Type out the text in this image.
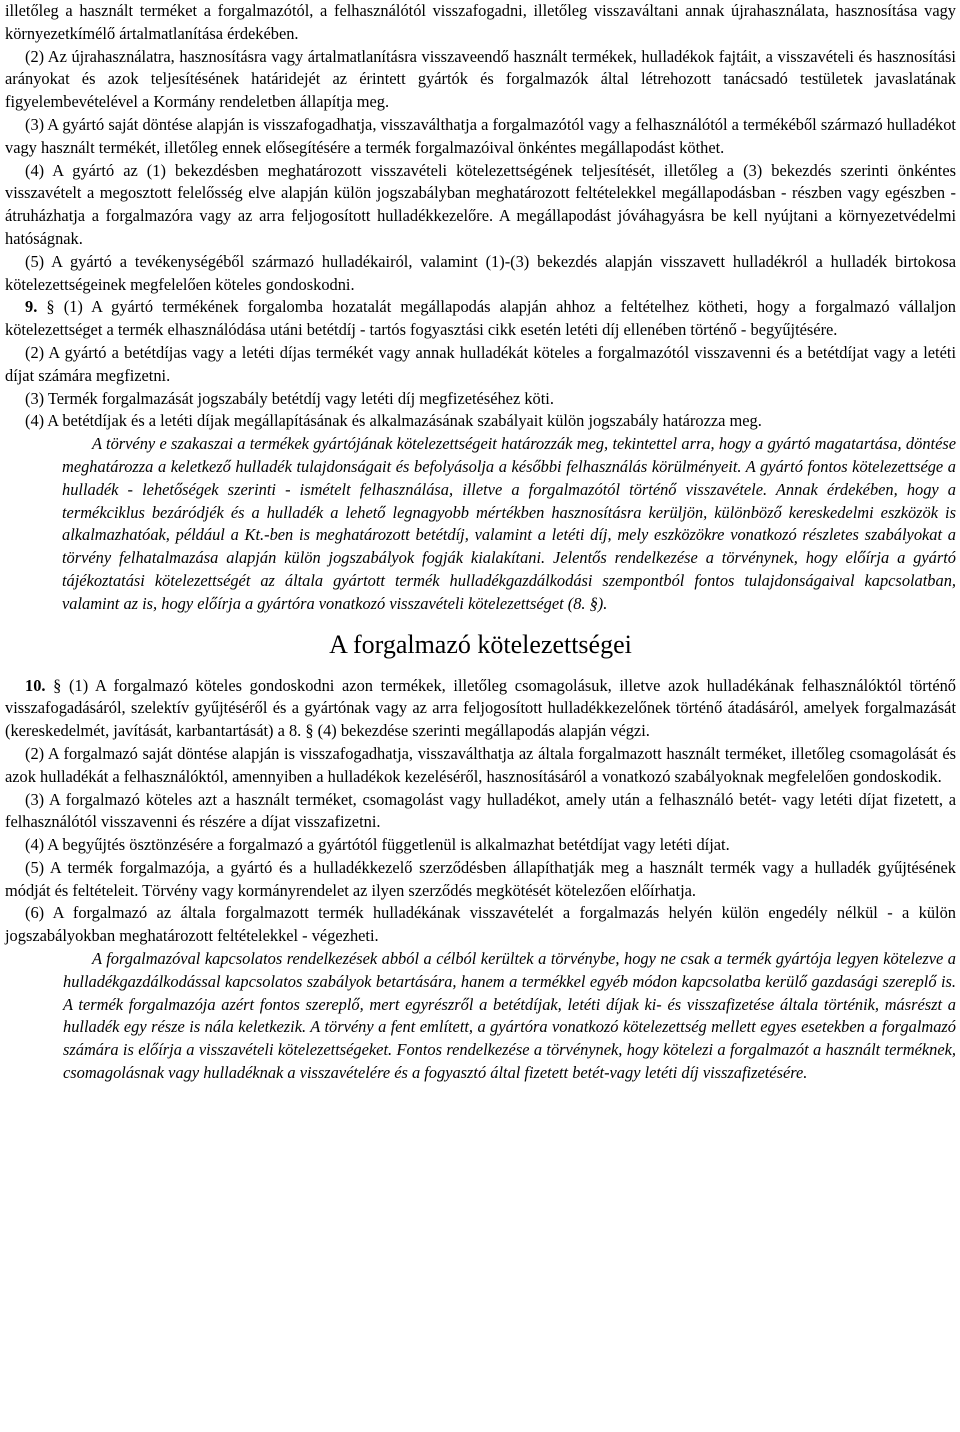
illetőleg a használt terméket a forgalmazótól, a felhasználótól visszafogadni, illetőleg visszaváltani annak újrahasználata, hasznosítása vagy környezetkímélő ártalmatlanítása érdekében.

(2) Az újrahasználatra, hasznosításra vagy ártalmatlanításra visszaveendő használt termékek, hulladékok fajtáit, a visszavételi és hasznosítási arányokat és azok teljesítésének határidejét az érintett gyártók és forgalmazók által létrehozott tanácsadó testületek javaslatának figyelembevételével a Kormány rendeletben állapítja meg.

(3) A gyártó saját döntése alapján is visszafogadhatja, visszaválthatja a forgalmazótól vagy a felhasználótól a termékéből származó hulladékot vagy használt termékét, illetőleg ennek elősegítésére a termék forgalmazóival önkéntes megállapodást köthet.

(4) A gyártó az (1) bekezdésben meghatározott visszavételi kötelezettségének teljesítését, illetőleg a (3) bekezdés szerinti önkéntes visszavételt a megosztott felelősség elve alapján külön jogszabályban meghatározott feltételekkel megállapodásban - részben vagy egészben - átruházhatja a forgalmazóra vagy az arra feljogosított hulladékkezelőre. A megállapodást jóváhagyásra be kell nyújtani a környezetvédelmi hatóságnak.

(5) A gyártó a tevékenységéből származó hulladékairól, valamint (1)-(3) bekezdés alapján visszavett hulladékról a hulladék birtokosa kötelezettségeinek megfelelően köteles gondoskodni.

9. § (1) A gyártó termékének forgalomba hozatalát megállapodás alapján ahhoz a feltételhez kötheti, hogy a forgalmazó vállaljon kötelezettséget a termék elhasználódása utáni betétdíj - tartós fogyasztási cikk esetén letéti díj ellenében történő - begyűjtésére.

(2) A gyártó a betétdíjas vagy a letéti díjas termékét vagy annak hulladékát köteles a forgalmazótól visszavenni és a betétdíjat vagy a letéti díjat számára megfizetni.

(3) Termék forgalmazását jogszabály betétdíj vagy letéti díj megfizetéséhez köti.

(4) A betétdíjak és a letéti díjak megállapításának és alkalmazásának szabályait külön jogszabály határozza meg.

A törvény e szakaszai a termékek gyártójának kötelezettségeit határozzák meg, tekintettel arra, hogy a gyártó magatartása, döntése meghatározza a keletkező hulladék tulajdonságait és befolyásolja a későbbi felhasználás körülményeit. A gyártó fontos kötelezettsége a hulladék - lehetőségek szerinti - ismételt felhasználása, illetve a forgalmazótól történő visszavétele. Annak érdekében, hogy a termékciklus bezáródjék és a hulladék a lehető legnagyobb mértékben hasznosításra kerüljön, különböző kereskedelmi eszközök is alkalmazhatóak, például a Kt.-ben is meghatározott betétdíj, valamint a letéti díj, mely eszközökre vonatkozó részletes szabályokat a törvény felhatalmazása alapján külön jogszabályok fogják kialakítani. Jelentős rendelkezése a törvénynek, hogy előírja a gyártó tájékoztatási kötelezettségét az általa gyártott termék hulladékgazdálkodási szempontból fontos tulajdonságaival kapcsolatban, valamint az is, hogy előírja a gyártóra vonatkozó visszavételi kötelezettséget (8. §).

A forgalmazó kötelezettségei

10. § (1) A forgalmazó köteles gondoskodni azon termékek, illetőleg csomagolásuk, illetve azok hulladékának felhasználóktól történő visszafogadásáról, szelektív gyűjtéséről és a gyártónak vagy az arra feljogosított hulladékkezelőnek történő átadásáról, amelyek forgalmazását (kereskedelmét, javítását, karbantartását) a 8. § (4) bekezdése szerinti megállapodás alapján végzi.

(2) A forgalmazó saját döntése alapján is visszafogadhatja, visszaválthatja az általa forgalmazott használt terméket, illetőleg csomagolását és azok hulladékát a felhasználóktól, amennyiben a hulladékok kezeléséről, hasznosításáról a vonatkozó szabályoknak megfelelően gondoskodik.

(3) A forgalmazó köteles azt a használt terméket, csomagolást vagy hulladékot, amely után a felhasználó betét- vagy letéti díjat fizetett, a felhasználótól visszavenni és részére a díjat visszafizetni.

(4) A begyűjtés ösztönzésére a forgalmazó a gyártótól függetlenül is alkalmazhat betétdíjat vagy letéti díjat.

(5) A termék forgalmazója, a gyártó és a hulladékkezelő szerződésben állapíthatják meg a használt termék vagy a hulladék gyűjtésének módját és feltételeit. Törvény vagy kormányrendelet az ilyen szerződés megkötését kötelezően előírhatja.

(6) A forgalmazó az általa forgalmazott termék hulladékának visszavételét a forgalmazás helyén külön engedély nélkül - a külön jogszabályokban meghatározott feltételekkel - végezheti.

A forgalmazóval kapcsolatos rendelkezések abból a célból kerültek a törvénybe, hogy ne csak a termék gyártója legyen kötelezve a hulladékgazdálkodással kapcsolatos szabályok betartására, hanem a termékkel egyéb módon kapcsolatba kerülő gazdasági szereplő is. A termék forgalmazója azért fontos szereplő, mert egyrészről a betétdíjak, letéti díjak ki- és visszafizetése általa történik, másrészt a hulladék egy része is nála keletkezik. A törvény a fent említett, a gyártóra vonatkozó kötelezettség mellett egyes esetekben a forgalmazó számára is előírja a visszavételi kötelezettségeket. Fontos rendelkezése a törvénynek, hogy kötelezi a forgalmazót a használt terméknek, csomagolásnak vagy hulladéknak a visszavételére és a fogyasztó által fizetett betét-vagy letéti díj visszafizetésére.
